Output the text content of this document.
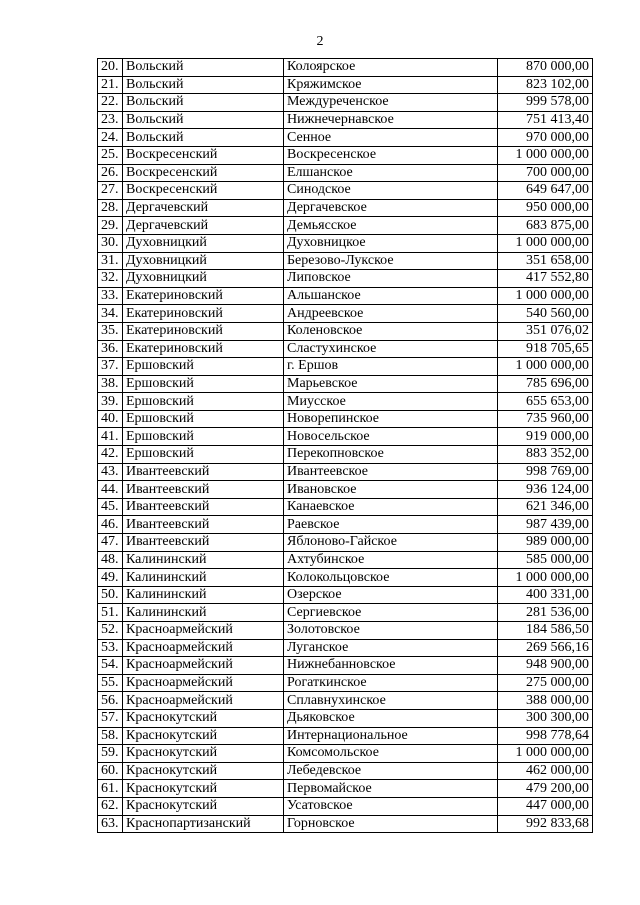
2
20.	Вольский	Колоярское	870 000,00
21.	Вольский	Кряжимское	823 102,00
22.	Вольский	Междуреченское	999 578,00
23.	Вольский	Нижнечернавское	751 413,40
24.	Вольский	Сенное	970 000,00
25.	Воскресенский	Воскресенское	1 000 000,00
26.	Воскресенский	Елшанское	700 000,00
27.	Воскресенский	Синодское	649 647,00
28.	Дергачевский	Дергачевское	950 000,00
29.	Дергачевский	Демьясское	683 875,00
30.	Духовницкий	Духовницкое	1 000 000,00
31.	Духовницкий	Березово-Лукское	351 658,00
32.	Духовницкий	Липовское	417 552,80
33.	Екатериновский	Альшанское	1 000 000,00
34.	Екатериновский	Андреевское	540 560,00
35.	Екатериновский	Коленовское	351 076,02
36.	Екатериновский	Сластухинское	918 705,65
37.	Ершовский	г. Ершов	1 000 000,00
38.	Ершовский	Марьевское	785 696,00
39.	Ершовский	Миусское	655 653,00
40.	Ершовский	Новорепинское	735 960,00
41.	Ершовский	Новосельское	919 000,00
42.	Ершовский	Перекопновское	883 352,00
43.	Ивантеевский	Ивантеевское	998 769,00
44.	Ивантеевский	Ивановское	936 124,00
45.	Ивантеевский	Канаевское	621 346,00
46.	Ивантеевский	Раевское	987 439,00
47.	Ивантеевский	Яблоново-Гайское	989 000,00
48.	Калининский	Ахтубинское	585 000,00
49.	Калининский	Колокольцовское	1 000 000,00
50.	Калининский	Озерское	400 331,00
51.	Калининский	Сергиевское	281 536,00
52.	Красноармейский	Золотовское	184 586,50
53.	Красноармейский	Луганское	269 566,16
54.	Красноармейский	Нижнебанновское	948 900,00
55.	Красноармейский	Рогаткинское	275 000,00
56.	Красноармейский	Сплавнухинское	388 000,00
57.	Краснокутский	Дьяковское	300 300,00
58.	Краснокутский	Интернациональное	998 778,64
59.	Краснокутский	Комсомольское	1 000 000,00
60.	Краснокутский	Лебедевское	462 000,00
61.	Краснокутский	Первомайское	479 200,00
62.	Краснокутский	Усатовское	447 000,00
63.	Краснопартизанский	Горновское	992 833,68
